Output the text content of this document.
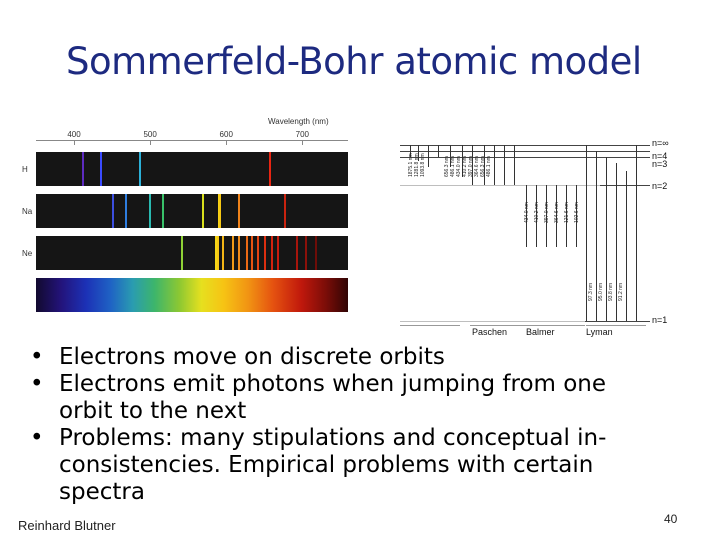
Sommerfeld-Bohr atomic model
Wavelength (nm)
400	500	600	700
H
Na
Ne
n=∞
n=4
n=3
n=2
n=1
1875.1 nm 1281.8 nm 1093.8 nm	656.3 nm 486.1 nm 434.0 nm 410.2 nm 397.0 nm 364.6 nm 656.3 nm 486.1 nm
434.0 nm 410.2 nm 397.0 nm 364.6 nm 121.6 nm 102.6 nm
97.3 nm 95.0 nm 93.8 nm 91.2 nm
Paschen Balmer	Lyman
• Electrons move on discrete orbits
• Electrons emit photons when jumping from one orbit to the next
• Problems: many stipulations and conceptual in-consistencies. Empirical problems with certain spectra
Reinhard Blutner	40
